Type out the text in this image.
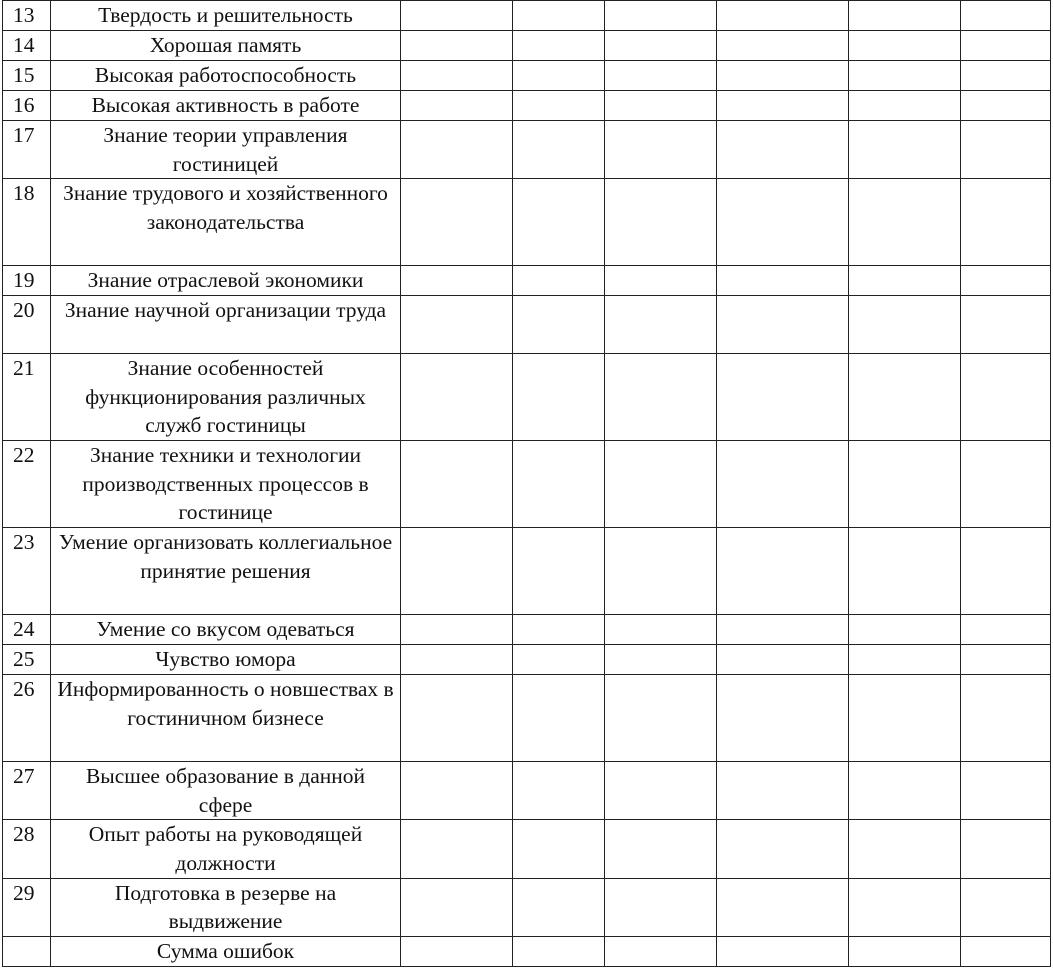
13	Твердость и решительность						
14	Хорошая память						
15	Высокая работоспособность						
16	Высокая активность в работе						
17	Знание теории управления гостиницей						
18	Знание трудового и хозяйственного законодательства						
19	Знание отраслевой экономики						
20	Знание научной организации труда						
21	Знание особенностей функционирования различных служб гостиницы						
22	Знание техники и технологии производственных процессов в гостинице						
23	Умение организовать коллегиальное принятие решения						
24	Умение со вкусом одеваться						
25	Чувство юмора						
26	Информированность о новшествах в гостиничном бизнесе						
27	Высшее образование в данной сфере						
28	Опыт работы на руководящей должности						
29	Подготовка в резерве на выдвижение						
	Сумма ошибок						
